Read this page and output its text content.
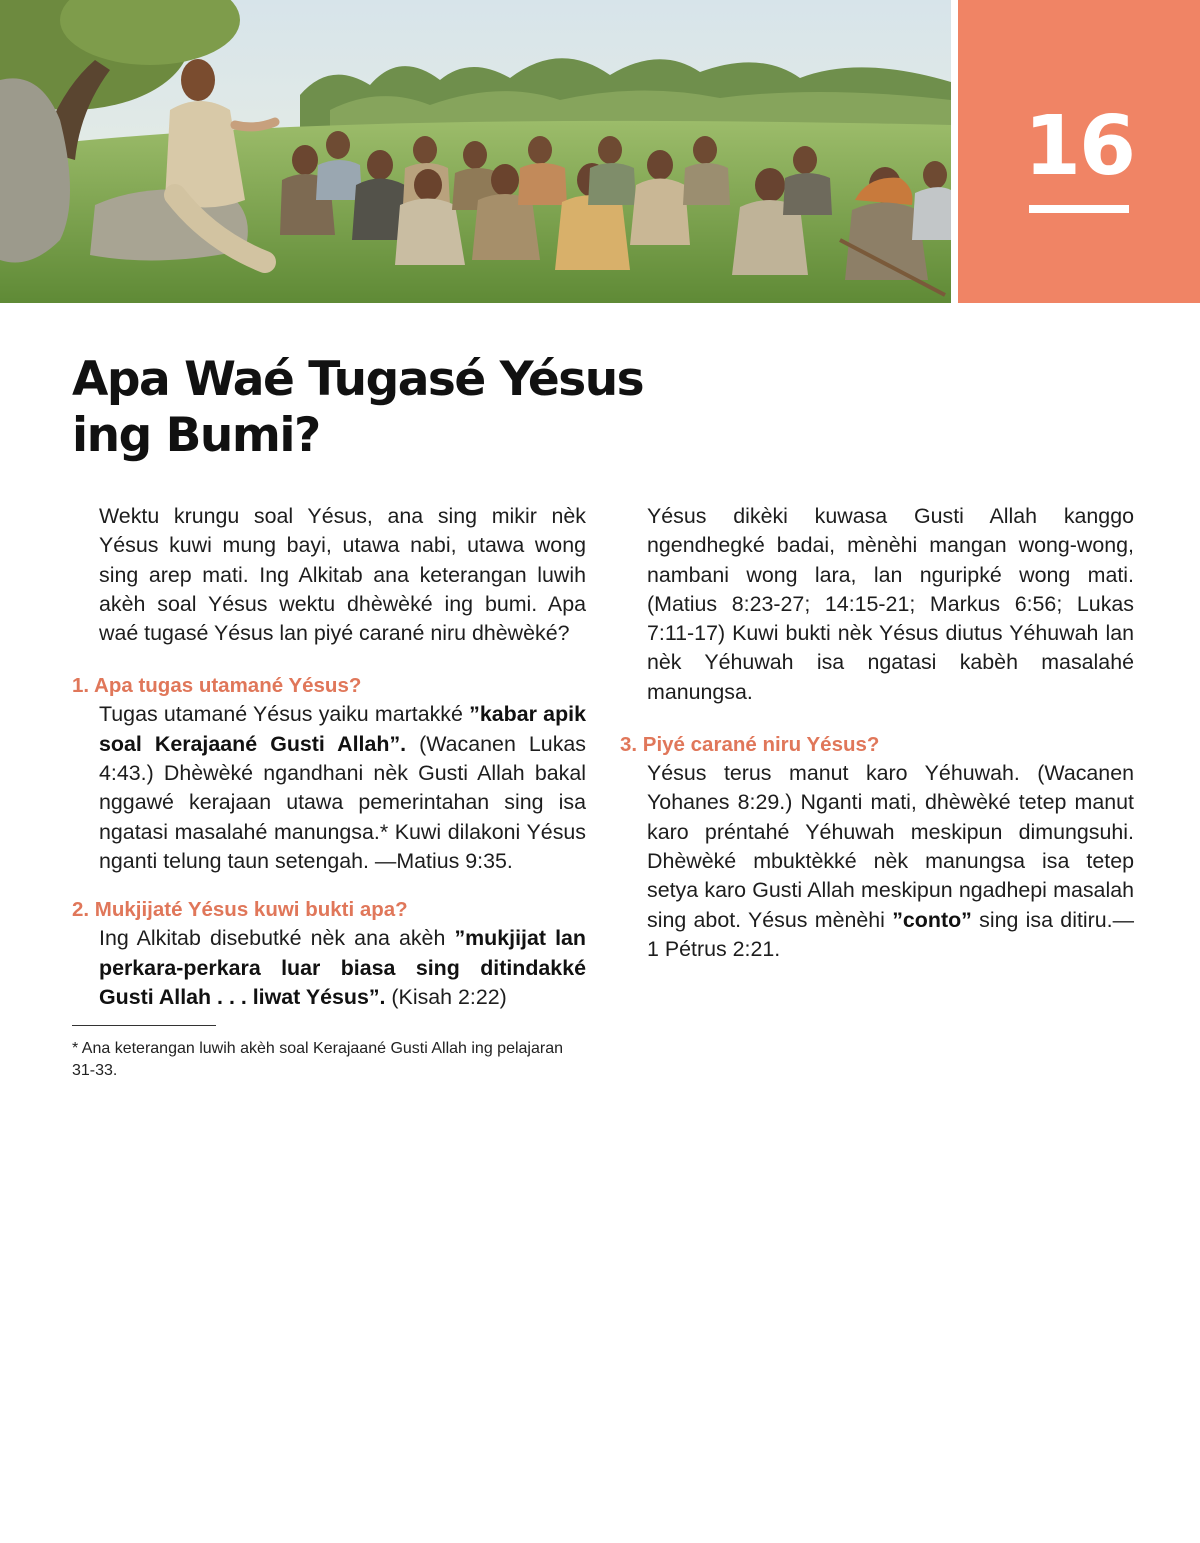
16
Apa Waé Tugasé Yésus
ing Bumi?

Wektu krungu soal Yésus, ana sing mikir nèk Yésus kuwi mung bayi, utawa nabi, utawa wong sing arep mati. Ing Alkitab ana keterangan luwih akèh soal Yésus wektu dhèwèké ing bumi. Apa waé tugasé Yésus lan piyé carané niru dhèwèké?

1. Apa tugas utamané Yésus?

Tugas utamané Yésus yaiku martakké ”kabar apik soal Kerajaané Gusti Allah”. (Wacanen Lukas 4:43.) Dhèwèké ngandhani nèk Gusti Allah bakal nggawé kerajaan utawa pemerintahan sing isa ngatasi masalahé manungsa.* Kuwi dilakoni Yésus nganti telung taun setengah. —Matius 9:35.

2. Mukjijaté Yésus kuwi bukti apa?

Ing Alkitab disebutké nèk ana akèh ”mukjijat lan perkara-perkara luar biasa sing ditindakké Gusti Allah . . . liwat Yésus”. (Kisah 2:22)

* Ana keterangan luwih akèh soal Kerajaané Gusti Allah ing pelajaran 31-33.

Yésus dikèki kuwasa Gusti Allah kanggo ngendhegké badai, mènèhi mangan wong-wong, nambani wong lara, lan nguripké wong mati. (Matius 8:23-27; 14:15-21; Markus 6:56; Lukas 7:11-17) Kuwi bukti nèk Yésus diutus Yéhuwah lan nèk Yéhuwah isa ngatasi kabèh masalahé manungsa.

3. Piyé carané niru Yésus?

Yésus terus manut karo Yéhuwah. (Wacanen Yohanes 8:29.) Nganti mati, dhèwèké tetep manut karo préntahé Yéhuwah meskipun dimungsuhi. Dhèwèké mbuktèkké nèk manungsa isa tetep setya karo Gusti Allah meskipun ngadhepi masalah sing abot. Yésus mènèhi ”conto” sing isa ditiru.—1 Pétrus 2:21.
